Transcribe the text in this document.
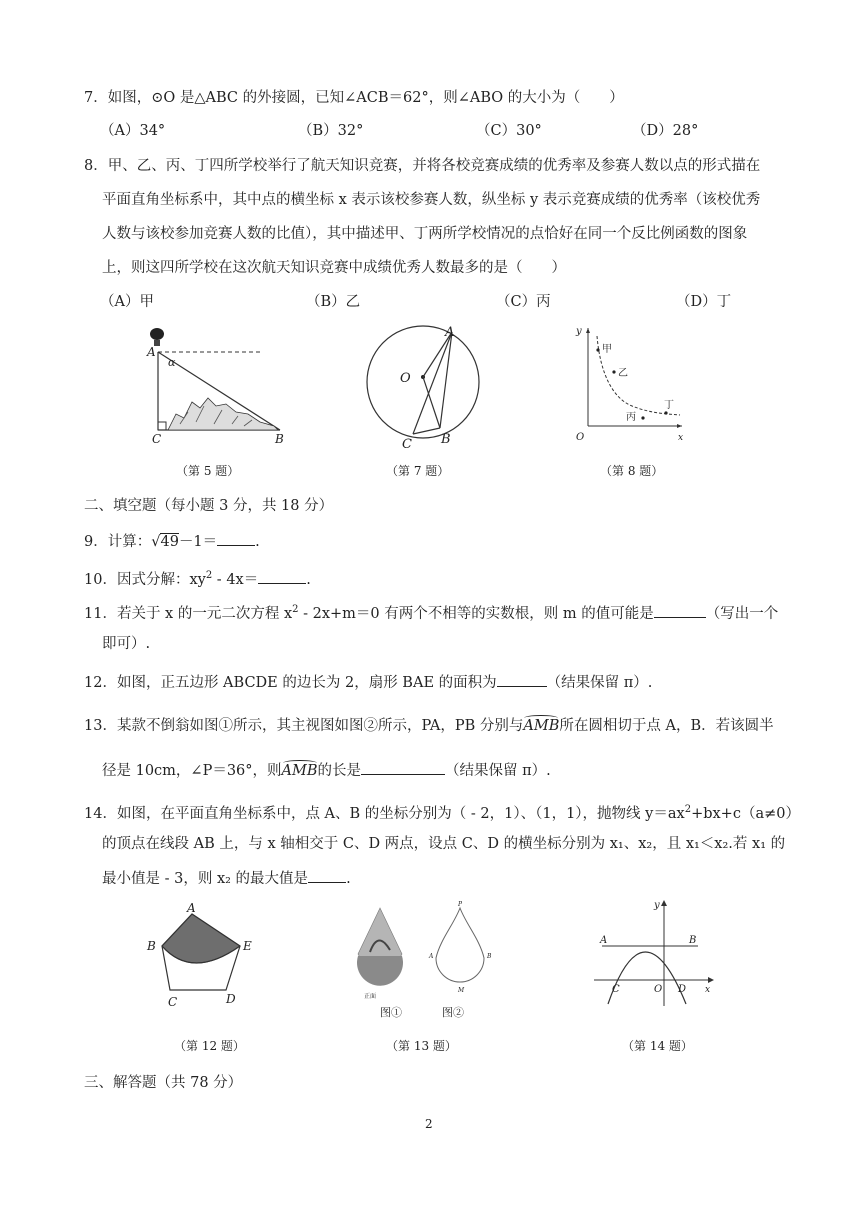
7．如图，⊙O 是△ABC 的外接圆，已知∠ACB＝62°，则∠ABO 的大小为（　　）
（A）34°	（B）32°	（C）30°	（D）28°
8．甲、乙、丙、丁四所学校举行了航天知识竞赛，并将各校竞赛成绩的优秀率及参赛人数以点的形式描在
平面直角坐标系中，其中点的横坐标 x 表示该校参赛人数，纵坐标 y 表示竞赛成绩的优秀率（该校优秀
人数与该校参加竞赛人数的比值），其中描述甲、丁两所学校情况的点恰好在同一个反比例函数的图象
上，则这四所学校在这次航天知识竞赛中成绩优秀人数最多的是（　　）
（A）甲	（B）乙	（C）丙	（D）丁
A
α
C	B
（第 5 题）
A
O
C B
（第 7 题）
y
甲
乙
丁
丙
O	x
（第 8 题）
二、填空题（每小题 3 分，共 18 分）
9．计算：√49－1＝	.
10．因式分解：$xy^2 - 4x=$	.
11．若关于 x 的一元二次方程 $x^2 - 2x+m=0$ 有两个不相等的实数根，则 m 的值可能是	（写出一个
即可）.
12．如图，正五边形 ABCDE 的边长为 2，扇形 BAE 的面积为	（结果保留 π）.
13．某款不倒翁如图①所示，其主视图如图②所示，PA，PB 分别与AMB
所在圆相切于点 A，B．若该圆半
径是 10cm，∠P＝36°，则AMB
的长是	（结果保留 π）.
14．如图，在平面直角坐标系中，点 A、B 的坐标分别为（ - 2，1）、（1，1），抛物线 $y=ax^2+bx+c(a\ne 0)$
的顶点在线段 AB 上，与 x 轴相交于 C、D 两点，设点 C、D 的横坐标分别为 x₁、x₂，且 x₁＜x₂.若 x₁ 的
最小值是 - 3，则 x₂ 的最大值是	.
A
B	E
C	D
（第 12 题）
正面
P
A	B
M
图①	图②
（第 13 题）
y
A	B
C	O D x
（第 14 题）
三、解答题（共 78 分）
2
